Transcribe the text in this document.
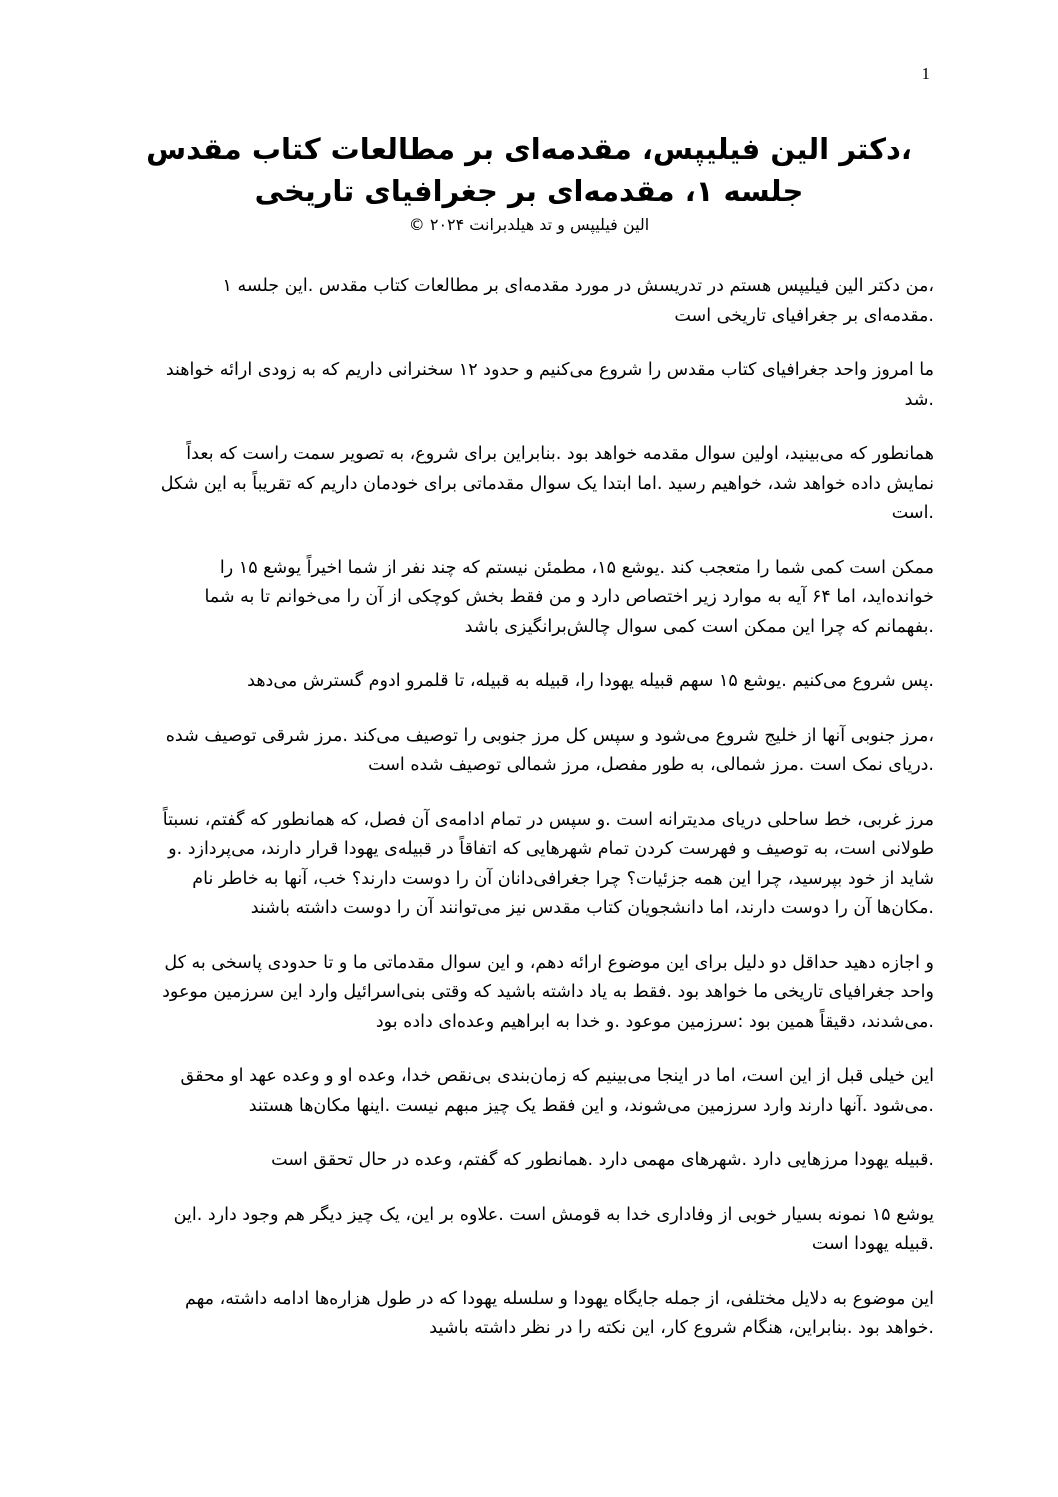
1
،دکتر الین فیلیپس، مقدمه‌ای بر مطالعات کتاب مقدس
جلسه ۱، مقدمه‌ای بر جغرافیای تاریخی

الین فیلیپس و تد هیلدبرانت ۲۰۲۴ ©

،من دکتر الین فیلیپس هستم در تدریسش در مورد مقدمه‌ای بر مطالعات کتاب مقدس .این جلسه ۱
.مقدمه‌ای بر جغرافیای تاریخی است

ما امروز واحد جغرافیای کتاب مقدس را شروع می‌کنیم و حدود ۱۲ سخنرانی داریم که به زودی ارائه خواهند
.شد

همانطور که می‌بینید، اولین سوال مقدمه خواهد بود .بنابراین برای شروع، به تصویر سمت راست که بعداً
نمایش داده خواهد شد، خواهیم رسید .اما ابتدا یک سوال مقدماتی برای خودمان داریم که تقریباً به این شکل
.است

ممکن است کمی شما را متعجب کند .یوشع ۱۵، مطمئن نیستم که چند نفر از شما اخیراً یوشع ۱۵ را
خوانده‌اید، اما ۶۴ آیه به موارد زیر اختصاص دارد و من فقط بخش کوچکی از آن را می‌خوانم تا به شما
.بفهمانم که چرا این ممکن است کمی سوال چالش‌برانگیزی باشد

.پس شروع می‌کنیم .یوشع ۱۵ سهم قبیله یهودا را، قبیله به قبیله، تا قلمرو ادوم گسترش می‌دهد

،مرز جنوبی آنها از خلیج شروع می‌شود و سپس کل مرز جنوبی را توصیف می‌کند .مرز شرقی توصیف شده
.دریای نمک است .مرز شمالی، به طور مفصل، مرز شمالی توصیف شده است

مرز غربی، خط ساحلی دریای مدیترانه است .و سپس در تمام ادامه‌ی آن فصل، که همانطور که گفتم، نسبتاً
طولانی است، به توصیف و فهرست کردن تمام شهرهایی که اتفاقاً در قبیله‌ی یهودا قرار دارند، می‌پردازد .و
شاید از خود بپرسید، چرا این همه جزئیات؟ چرا جغرافی‌دانان آن را دوست دارند؟ خب، آنها به خاطر نام
.مکان‌ها آن را دوست دارند، اما دانشجویان کتاب مقدس نیز می‌توانند آن را دوست داشته باشند

و اجازه دهید حداقل دو دلیل برای این موضوع ارائه دهم، و این سوال مقدماتی ما و تا حدودی پاسخی به کل
واحد جغرافیای تاریخی ما خواهد بود .فقط به یاد داشته باشید که وقتی بنی‌اسرائیل وارد این سرزمین موعود
.می‌شدند، دقیقاً همین بود :سرزمین موعود .و خدا به ابراهیم وعده‌ای داده بود

این خیلی قبل از این است، اما در اینجا می‌بینیم که زمان‌بندی بی‌نقص خدا، وعده او و وعده عهد او محقق
.می‌شود .آنها دارند وارد سرزمین می‌شوند، و این فقط یک چیز مبهم نیست .اینها مکان‌ها هستند

.قبیله یهودا مرزهایی دارد .شهرهای مهمی دارد .همانطور که گفتم، وعده در حال تحقق است

یوشع ۱۵ نمونه بسیار خوبی از وفاداری خدا به قومش است .علاوه بر این، یک چیز دیگر هم وجود دارد .این
.قبیله یهودا است

این موضوع به دلایل مختلفی، از جمله جایگاه یهودا و سلسله یهودا که در طول هزاره‌ها ادامه داشته، مهم
.خواهد بود .بنابراین، هنگام شروع کار، این نکته را در نظر داشته باشید
